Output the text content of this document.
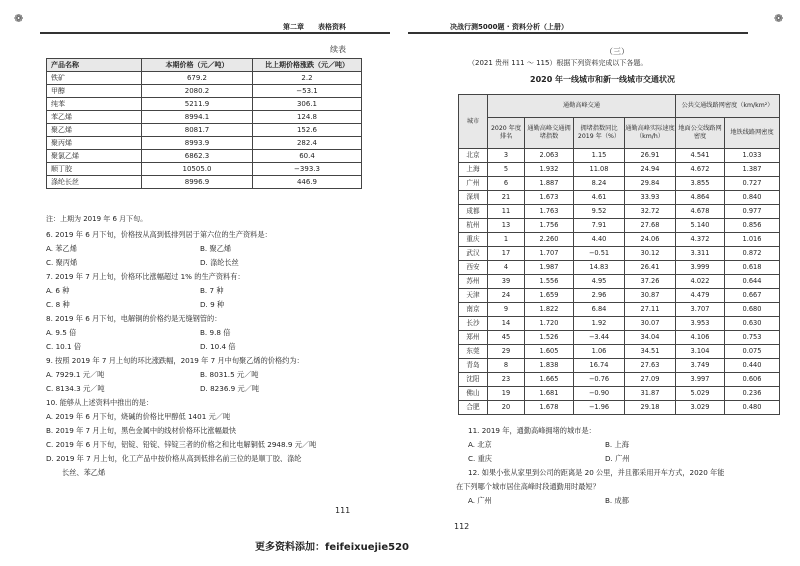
❁
第二章 表格资料
续表
产品名称	本期价格（元／吨）	比上期价格涨跌（元／吨）
铁矿	679.2	2.2
甲醇	2080.2	−53.1
纯苯	5211.9	306.1
苯乙烯	8994.1	124.8
聚乙烯	8081.7	152.6
聚丙烯	8993.9	282.4
聚氯乙烯	6862.3	60.4
顺丁胶	10505.0	−393.3
涤纶长丝	8996.9	446.9
注：上期为 2019 年 6 月下旬。
6. 2019 年 6 月下旬，价格按从高到低排列居于第六位的生产资料是：
A. 苯乙烯	B. 聚乙烯
C. 聚丙烯	D. 涤纶长丝
7. 2019 年 7 月上旬，价格环比涨幅超过 1% 的生产资料有：
A. 6 种	B. 7 种
C. 8 种	D. 9 种
8. 2019 年 6 月下旬，电解铜的价格约是无缝钢管的：
A. 9.5 倍	B. 9.8 倍
C. 10.1 倍	D. 10.4 倍
9. 按照 2019 年 7 月上旬的环比涨跌幅，2019 年 7 月中旬聚乙烯的价格约为：
A. 7929.1 元／吨	B. 8031.5 元／吨
C. 8134.3 元／吨	D. 8236.9 元／吨
10. 能够从上述资料中推出的是：
A. 2019 年 6 月下旬，烧碱的价格比甲醇低 1401 元／吨
B. 2019 年 7 月上旬，黑色金属中的线材价格环比涨幅最快
C. 2019 年 6 月下旬，铝锭、铅锭、锌锭三者的价格之和比电解铜低 2948.9 元／吨
D. 2019 年 7 月上旬，化工产品中按价格从高到低排名前三位的是顺丁胶、涤纶
长丝、苯乙烯
111
决战行测5000题 · 资料分析（上册）
❁
（三）
（2021 贵州 111 ～ 115）根据下列资料完成以下各题。
2020 年一线城市和新一线城市交通状况
城市	通勤高峰交通				公共交通线路网密度（km/km²）	
	2020 年度排名	通勤高峰交通拥堵指数	拥堵指数同比 2019 年（%）	通勤高峰实际速度（km/h）	地面公交线路网密度	地铁线路网密度
北京	3	2.063	1.15	26.91	4.541	1.033
上海	5	1.932	11.08	24.94	4.672	1.387
广州	6	1.887	8.24	29.84	3.855	0.727
深圳	21	1.673	4.61	33.93	4.864	0.840
成都	11	1.763	9.52	32.72	4.678	0.977
杭州	13	1.756	7.91	27.68	5.140	0.856
重庆	1	2.260	4.40	24.06	4.372	1.016
武汉	17	1.707	−0.51	30.12	3.311	0.872
西安	4	1.987	14.83	26.41	3.999	0.618
苏州	39	1.556	4.95	37.26	4.022	0.644
天津	24	1.659	2.96	30.87	4.479	0.667
南京	9	1.822	6.84	27.11	3.707	0.680
长沙	14	1.720	1.92	30.07	3.953	0.630
郑州	45	1.526	−3.44	34.04	4.106	0.753
东莞	29	1.605	1.06	34.51	3.104	0.075
青岛	8	1.838	16.74	27.63	3.749	0.440
沈阳	23	1.665	−0.76	27.09	3.997	0.606
佛山	19	1.681	−0.90	31.87	5.029	0.236
合肥	20	1.678	−1.96	29.18	3.029	0.480
11. 2019 年，通勤高峰拥堵的城市是：
A. 北京	B. 上海
C. 重庆	D. 广州
12. 如果小张从家里到公司的距离是 20 公里，并且都采用开车方式，2020 年能
在下列哪个城市居住高峰时段通勤用时最短？
A. 广州	B. 成都
112
更多资料添加：feifeixuejie520
